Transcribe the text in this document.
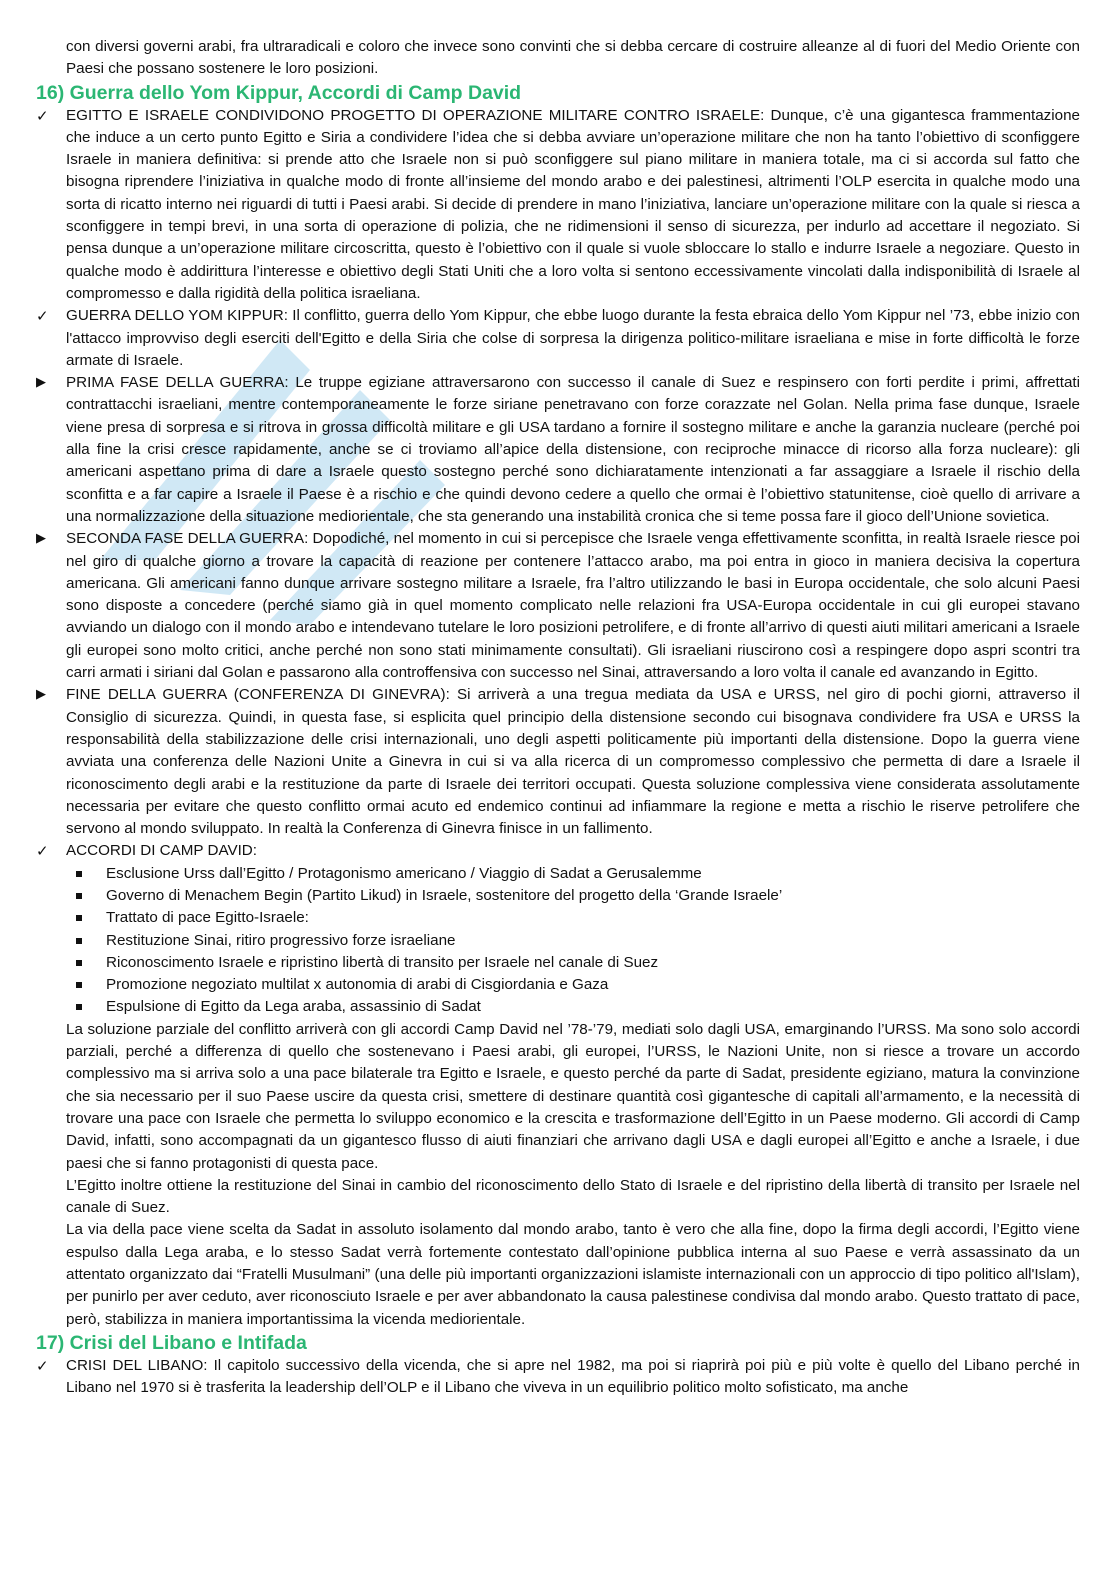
con diversi governi arabi, fra ultraradicali e coloro che invece sono convinti che si debba cercare di costruire alleanze al di fuori del Medio Oriente con Paesi che possano sostenere le loro posizioni.

16) Guerra dello Yom Kippur, Accordi di Camp David
✓	EGITTO E ISRAELE CONDIVIDONO PROGETTO DI OPERAZIONE MILITARE CONTRO ISRAELE: Dunque, c’è una gigantesca frammentazione che induce a un certo punto Egitto e Siria a condividere l’idea che si debba avviare un’operazione militare che non ha tanto l’obiettivo di sconfiggere Israele in maniera definitiva: si prende atto che Israele non si può sconfiggere sul piano militare in maniera totale, ma ci si accorda sul fatto che bisogna riprendere l’iniziativa in qualche modo di fronte all’insieme del mondo arabo e dei palestinesi, altrimenti l’OLP esercita in qualche modo una sorta di ricatto interno nei riguardi di tutti i Paesi arabi. Si decide di prendere in mano l’iniziativa, lanciare un’operazione militare con la quale si riesca a sconfiggere in tempi brevi, in una sorta di operazione di polizia, che ne ridimensioni il senso di sicurezza, per indurlo ad accettare il negoziato. Si pensa dunque a un’operazione militare circoscritta, questo è l’obiettivo con il quale si vuole sbloccare lo stallo e indurre Israele a negoziare. Questo in qualche modo è addirittura l’interesse e obiettivo degli Stati Uniti che a loro volta si sentono eccessivamente vincolati dalla indisponibilità di Israele al compromesso e dalla rigidità della politica israeliana.

✓	GUERRA DELLO YOM KIPPUR: Il conflitto, guerra dello Yom Kippur, che ebbe luogo durante la festa ebraica dello Yom Kippur nel ’73, ebbe inizio con l'attacco improvviso degli eserciti dell'Egitto e della Siria che colse di sorpresa la dirigenza politico-militare israeliana e mise in forte difficoltà le forze armate di Israele.

▶	PRIMA FASE DELLA GUERRA: Le truppe egiziane attraversarono con successo il canale di Suez e respinsero con forti perdite i primi, affrettati contrattacchi israeliani, mentre contemporaneamente le forze siriane penetravano con forze corazzate nel Golan. Nella prima fase dunque, Israele viene presa di sorpresa e si ritrova in grossa difficoltà militare e gli USA tardano a fornire il sostegno militare e anche la garanzia nucleare (perché poi alla fine la crisi cresce rapidamente, anche se ci troviamo all’apice della distensione, con reciproche minacce di ricorso alla forza nucleare): gli americani aspettano prima di dare a Israele questo sostegno perché sono dichiaratamente intenzionati a far assaggiare a Israele il rischio della sconfitta e a far capire a Israele il Paese è a rischio e che quindi devono cedere a quello che ormai è l’obiettivo statunitense, cioè quello di arrivare a una normalizzazione della situazione mediorientale, che sta generando una instabilità cronica che si teme possa fare il gioco dell’Unione sovietica.

▶	SECONDA FASE DELLA GUERRA: Dopodiché, nel momento in cui si percepisce che Israele venga effettivamente sconfitta, in realtà Israele riesce poi nel giro di qualche giorno a trovare la capacità di reazione per contenere l’attacco arabo, ma poi entra in gioco in maniera decisiva la copertura americana. Gli americani fanno dunque arrivare sostegno militare a Israele, fra l’altro utilizzando le basi in Europa occidentale, che solo alcuni Paesi sono disposte a concedere (perché siamo già in quel momento complicato nelle relazioni fra USA-Europa occidentale in cui gli europei stavano avviando un dialogo con il mondo arabo e intendevano tutelare le loro posizioni petrolifere, e di fronte all’arrivo di questi aiuti militari americani a Israele gli europei sono molto critici, anche perché non sono stati minimamente consultati). Gli israeliani riuscirono così a respingere dopo aspri scontri tra carri armati i siriani dal Golan e passarono alla controffensiva con successo nel Sinai, attraversando a loro volta il canale ed avanzando in Egitto.

▶	FINE DELLA GUERRA (CONFERENZA DI GINEVRA): Si arriverà a una tregua mediata da USA e URSS, nel giro di pochi giorni, attraverso il Consiglio di sicurezza. Quindi, in questa fase, si esplicita quel principio della distensione secondo cui bisognava condividere fra USA e URSS la responsabilità della stabilizzazione delle crisi internazionali, uno degli aspetti politicamente più importanti della distensione. Dopo la guerra viene avviata una conferenza delle Nazioni Unite a Ginevra in cui si va alla ricerca di un compromesso complessivo che permetta di dare a Israele il riconoscimento degli arabi e la restituzione da parte di Israele dei territori occupati. Questa soluzione complessiva viene considerata assolutamente necessaria per evitare che questo conflitto ormai acuto ed endemico continui ad infiammare la regione e metta a rischio le riserve petrolifere che servono al mondo sviluppato. In realtà la Conferenza di Ginevra finisce in un fallimento.

✓	ACCORDI DI CAMP DAVID:

Esclusione Urss dall’Egitto / Protagonismo americano / Viaggio di Sadat a Gerusalemme
Governo di Menachem Begin (Partito Likud) in Israele, sostenitore del progetto della ‘Grande Israele’
Trattato di pace Egitto-Israele:
Restituzione Sinai, ritiro progressivo forze israeliane
Riconoscimento Israele e ripristino libertà di transito per Israele nel canale di Suez
Promozione negoziato multilat x autonomia di arabi di Cisgiordania e Gaza
Espulsione di Egitto da Lega araba, assassinio di Sadat

La soluzione parziale del conflitto arriverà con gli accordi Camp David nel ’78-’79, mediati solo dagli USA, emarginando l’URSS. Ma sono solo accordi parziali, perché a differenza di quello che sostenevano i Paesi arabi, gli europei, l’URSS, le Nazioni Unite, non si riesce a trovare un accordo complessivo ma si arriva solo a una pace bilaterale tra Egitto e Israele, e questo perché da parte di Sadat, presidente egiziano, matura la convinzione che sia necessario per il suo Paese uscire da questa crisi, smettere di destinare quantità così gigantesche di capitali all’armamento, e la necessità di trovare una pace con Israele che permetta lo sviluppo economico e la crescita e trasformazione dell’Egitto in un Paese moderno. Gli accordi di Camp David, infatti, sono accompagnati da un gigantesco flusso di aiuti finanziari che arrivano dagli USA e dagli europei all’Egitto e anche a Israele, i due paesi che si fanno protagonisti di questa pace.

L’Egitto inoltre ottiene la restituzione del Sinai in cambio del riconoscimento dello Stato di Israele e del ripristino della libertà di transito per Israele nel canale di Suez.

La via della pace viene scelta da Sadat in assoluto isolamento dal mondo arabo, tanto è vero che alla fine, dopo la firma degli accordi, l’Egitto viene espulso dalla Lega araba, e lo stesso Sadat verrà fortemente contestato dall’opinione pubblica interna al suo Paese e verrà assassinato da un attentato organizzato dai “Fratelli Musulmani” (una delle più importanti organizzazioni islamiste internazionali con un approccio di tipo politico all'Islam), per punirlo per aver ceduto, aver riconosciuto Israele e per aver abbandonato la causa palestinese condivisa dal mondo arabo. Questo trattato di pace, però, stabilizza in maniera importantissima la vicenda mediorientale.

17) Crisi del Libano e Intifada
✓	CRISI DEL LIBANO: Il capitolo successivo della vicenda, che si apre nel 1982, ma poi si riaprirà poi più e più volte è quello del Libano perché in Libano nel 1970 si è trasferita la leadership dell’OLP e il Libano che viveva in un equilibrio politico molto sofisticato, ma anche
